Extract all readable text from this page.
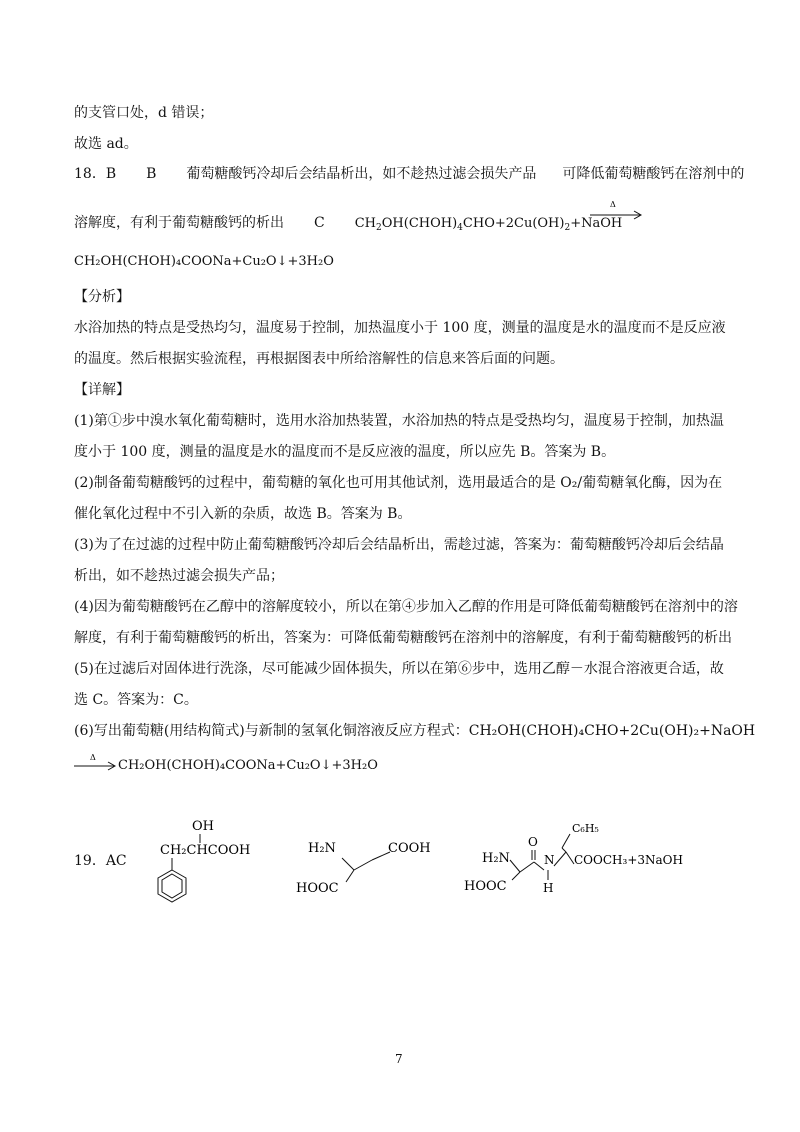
的支管口处，d 错误；
故选 ad。
18．B B 葡萄糖酸钙冷却后会结晶析出，如不趁热过滤会损失产品 可降低葡萄糖酸钙在溶剂中的
溶解度，有利于葡萄糖酸钙的析出 C $CH_2OH(CHOH)_4CHO+2Cu(OH)_2+NaOH$
Δ
CH₂OH(CHOH)₄COONa+Cu₂O↓+3H₂O
【分析】
水浴加热的特点是受热均匀，温度易于控制，加热温度小于 100 度，测量的温度是水的温度而不是反应液
的温度。然后根据实验流程，再根据图表中所给溶解性的信息来答后面的问题。
【详解】
(1)第①步中溴水氧化葡萄糖时，选用水浴加热装置，水浴加热的特点是受热均匀，温度易于控制，加热温
度小于 100 度，测量的温度是水的温度而不是反应液的温度，所以应先 B。答案为 B。
(2)制备葡萄糖酸钙的过程中，葡萄糖的氧化也可用其他试剂，选用最适合的是 O₂/葡萄糖氧化酶，因为在
催化氧化过程中不引入新的杂质，故选 B。答案为 B。
(3)为了在过滤的过程中防止葡萄糖酸钙冷却后会结晶析出，需趁过滤，答案为：葡萄糖酸钙冷却后会结晶
析出，如不趁热过滤会损失产品；
(4)因为葡萄糖酸钙在乙醇中的溶解度较小，所以在第④步加入乙醇的作用是可降低葡萄糖酸钙在溶剂中的溶
解度，有利于葡萄糖酸钙的析出，答案为：可降低葡萄糖酸钙在溶剂中的溶解度，有利于葡萄糖酸钙的析出
(5)在过滤后对固体进行洗涤，尽可能减少固体损失，所以在第⑥步中，选用乙醇－水混合溶液更合适，故
选 C。答案为：C。
(6)写出葡萄糖(用结构简式)与新制的氢氧化铜溶液反应方程式：CH₂OH(CHOH)₄CHO+2Cu(OH)₂+NaOH
Δ
CH₂OH(CHOH)₄COONa+Cu₂O↓+3H₂O
19．AC
OH
CH₂CHCOOH	H₂N	COOH
HOOC
C₆H₅
O
H₂N	N COOCH₃+3NaOH
H
HOOC
7
